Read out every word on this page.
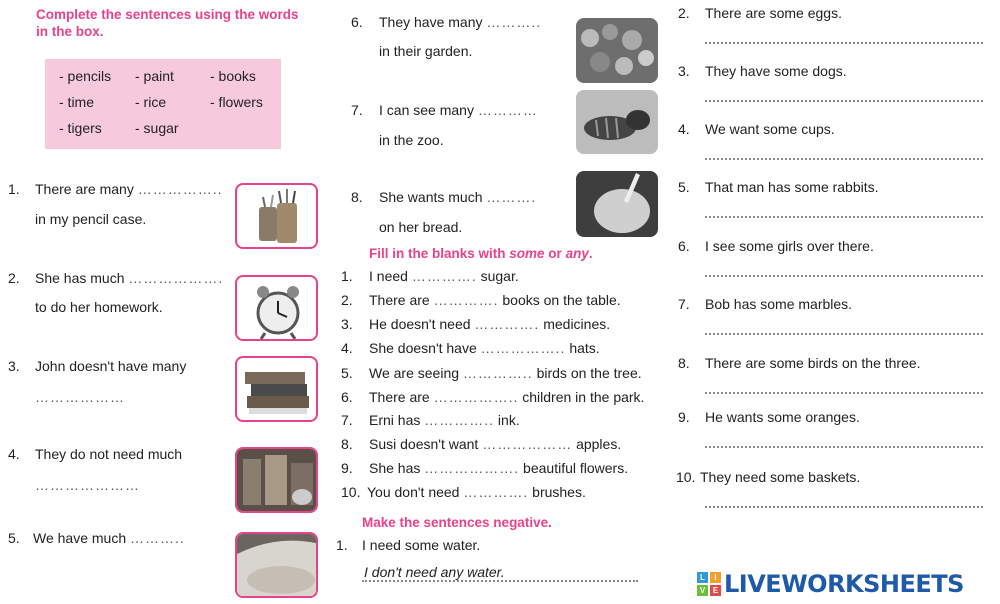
Complete the sentences using the words
in the box.
- pencils - paint	- books
- time	- rice	- flowers
- tigers - sugar
1. There are many ……………..
in my pencil case.
2. She has much ……………….
to do her homework.
3. John doesn't have many
………………
4. They do not need much
…………………
5. We have much ………..
6. They have many ………..
in their garden.
7. I can see many …………
in the zoo.
8. She wants much ……….
on her bread.
Fill in the blanks with some or any.
1. I need …………. sugar.
2. There are …………. books on the table.
3. He doesn't need …………. medicines.
4. She doesn't have …………….. hats.
5. We are seeing ………….. birds on the tree.
6. There are …………….. children in the park.
7. Erni has ………….. ink.
8. Susi doesn't want ……………… apples.
9. She has ………………. beautiful flowers.
10. You don't need …………. brushes.
Make the sentences negative.
1. I need some water.
I don't need any water.
2. There are some eggs.
3. They have some dogs.
4. We want some cups.
5. That man has some rabbits.
6. I see some girls over there.
7. Bob has some marbles.
8. There are some birds on the three.
9. He wants some oranges.
10. They need some baskets.
L	I
V E LIVEWORKSHEETS
